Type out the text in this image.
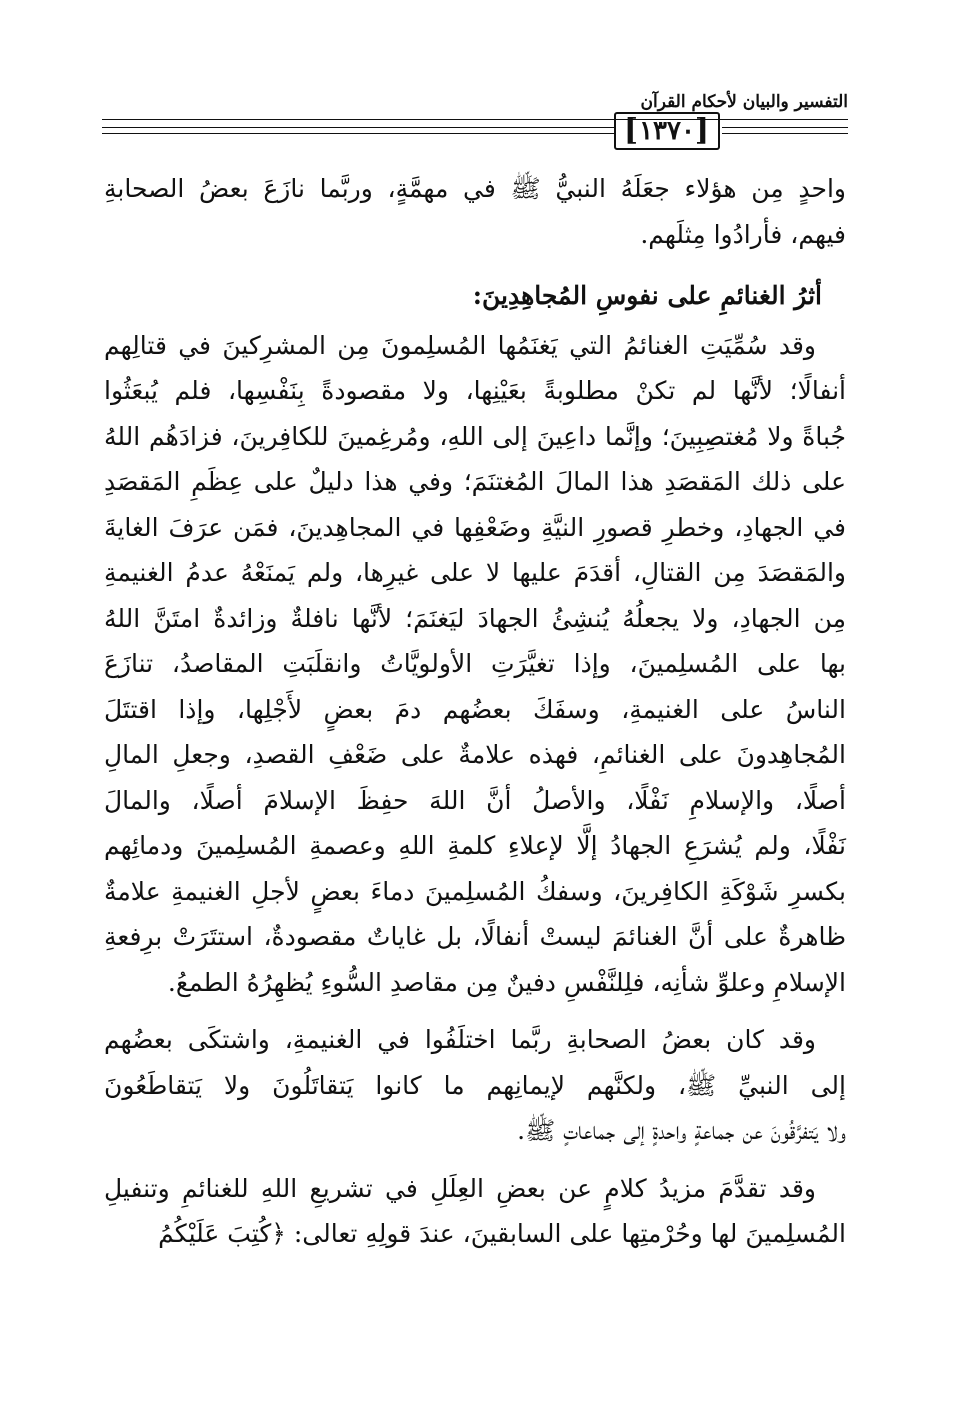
التفسير والبيان لأحكام القرآن
[ ١٣٧٠ ]

واحدٍ مِن هؤلاء جعَلَهُ النبيُّ ﷺ في مهمَّةٍ، وربَّما نازَعَ بعضُ الصحابةِ

فيهم، فأرادُوا مِثلَهم.

أثرُ الغنائمِ على نفوسِ المُجاهِدِينَ:

وقد سُمِّيَتِ الغنائمُ التي يَغنَمُها المُسلِمونَ مِن المشرِكينَ في قتالِهم

أنفالًا؛ لأنَّها لم تكنْ مطلوبةً بعَيْنِها، ولا مقصودةً بِنَفْسِها، فلم يُبعَثُوا

جُباةً ولا مُغتصِبِينَ؛ وإنَّما داعِينَ إلى اللهِ، ومُرغِمينَ للكافِرينَ، فزادَهُم اللهُ

على ذلك المَقصَدِ هذا المالَ المُغتنَمَ؛ وفي هذا دليلٌ على عِظَمِ المَقصَدِ

في الجهادِ، وخطرِ قصورِ النيَّةِ وضَعْفِها في المجاهِدينَ، فمَن عرَفَ الغايةَ

والمَقصَدَ مِن القتالِ، أقدَمَ عليها لا على غيرِها، ولم يَمنَعْهُ عدمُ الغنيمةِ

مِن الجهادِ، ولا يجعلُهُ يُنشِئُ الجهادَ ليَغنَمَ؛ لأنَّها نافلةٌ وزائدةٌ امتَنَّ اللهُ

بها على المُسلِمينَ، وإذا تغيَّرَتِ الأولويَّاتُ وانقلَبَتِ المقاصدُ، تنازَعَ

الناسُ على الغنيمةِ، وسفَكَ بعضُهم دمَ بعضٍ لأَجْلِها، وإذا اقتتَلَ

المُجاهِدونَ على الغنائمِ، فهذه علامةٌ على ضَعْفِ القصدِ، وجعلِ المالِ

أصلًا، والإسلامِ نَفْلًا، والأصلُ أنَّ اللهَ حفِظَ الإسلامَ أصلًا، والمالَ

نَفْلًا، ولم يُشرَعِ الجهادُ إلَّا لإعلاءِ كلمةِ اللهِ وعصمةِ المُسلِمينَ ودمائِهم

بكسرِ شَوْكَةِ الكافِرينَ، وسفكُ المُسلِمينَ دماءَ بعضٍ لأجلِ الغنيمةِ علامةٌ

ظاهرةٌ على أنَّ الغنائمَ ليستْ أنفالًا، بل غاياتٌ مقصودةٌ، استتَرَتْ برِفعةِ

الإسلامِ وعلوِّ شأنِه، فلِلنَّفْسِ دفينٌ مِن مقاصدِ السُّوءِ يُظهِرُهُ الطمعُ.

وقد كان بعضُ الصحابةِ ربَّما اختلَفُوا في الغنيمةِ، واشتكَى بعضُهم

إلى النبيِّ ﷺ، ولكنَّهم لإيمانِهم ما كانوا يَتقاتَلُونَ ولا يَتقاطَعُونَ

ولا يَتفرَّقُونَ عن جماعةٍ واحدةٍ إلى جماعاتٍ ﷺ.

وقد تقدَّمَ مزيدُ كلامٍ عن بعضِ العِلَلِ في تشريعِ اللهِ للغنائمِ وتنفيلِ

المُسلِمينَ لها وحُرْمتِها على السابقينَ، عندَ قولِهِ تعالى: ﴿كُتِبَ عَلَيْكُمُ
